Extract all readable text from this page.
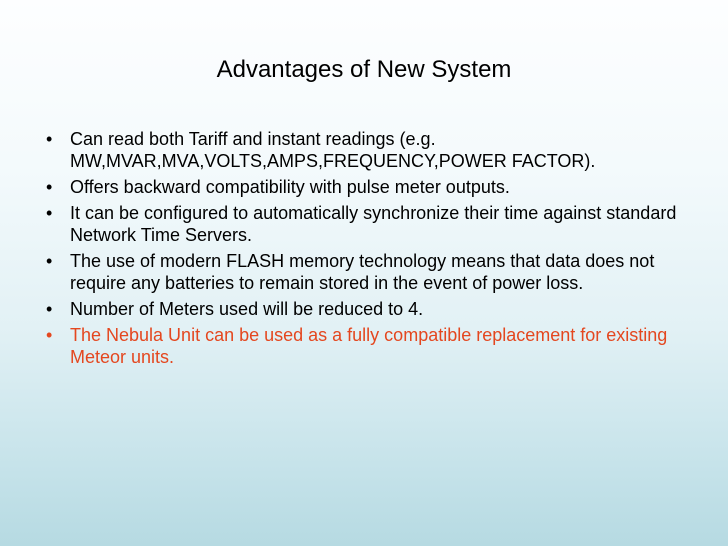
Advantages of New System
• Can read both Tariff and instant readings (e.g. MW,MVAR,MVA,VOLTS,AMPS,FREQUENCY,POWER FACTOR).
• Offers backward compatibility with pulse meter outputs.
• It can be configured to automatically synchronize their time against standard Network Time Servers.
• The use of modern FLASH memory technology means that data does not require any batteries to remain stored in the event of power loss.
• Number of Meters used will be reduced to 4.
• The Nebula Unit can be used as a fully compatible replacement for existing Meteor units.
